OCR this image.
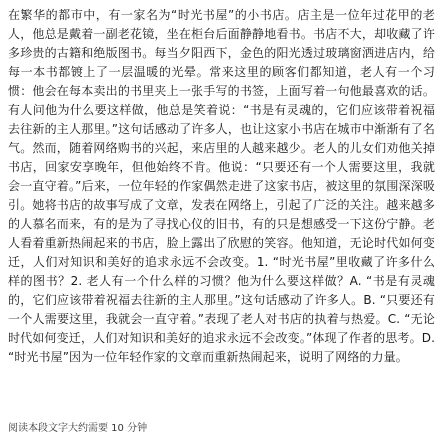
在繁华的都市中，有一家名为“时光书屋”的小书店。店主是一位年过花甲的老人，他总是戴着一副老花镜，坐在柜台后面静静地看书。书店不大，却收藏了许多珍贵的古籍和绝版图书。每当夕阳西下，金色的阳光透过玻璃窗洒进店内，给每一本书都镀上了一层温暖的光晕。常来这里的顾客们都知道，老人有一个习惯：他会在每本卖出的书里夹上一张手写的书签，上面写着一句他最喜欢的话。有人问他为什么要这样做，他总是笑着说：“书是有灵魂的，它们应该带着祝福去往新的主人那里。”这句话感动了许多人，也让这家小书店在城市中渐渐有了名气。然而，随着网络购书的兴起，来店里的人越来越少。老人的儿女们劝他关掉书店，回家安享晚年，但他始终不肯。他说：“只要还有一个人需要这里，我就会一直守着。”后来，一位年轻的作家偶然走进了这家书店，被这里的氛围深深吸引。她将书店的故事写成了文章，发表在网络上，引起了广泛的关注。越来越多的人慕名而来，有的是为了寻找心仪的旧书，有的只是想感受一下这份宁静。老人看着重新热闹起来的书店，脸上露出了欣慰的笑容。他知道，无论时代如何变迁，人们对知识和美好的追求永远不会改变。1. “时光书屋”里收藏了许多什么样的图书？2. 老人有一个什么样的习惯？他为什么要这样做？A. “书是有灵魂的，它们应该带着祝福去往新的主人那里。”这句话感动了许多人。B. “只要还有一个人需要这里，我就会一直守着。”表现了老人对书店的执着与热爱。C. “无论时代如何变迁，人们对知识和美好的追求永远不会改变。”体现了作者的思考。D. “时光书屋”因为一位年轻作家的文章而重新热闹起来，说明了网络的力量。

阅读本段文字大约需要 10 分钟
